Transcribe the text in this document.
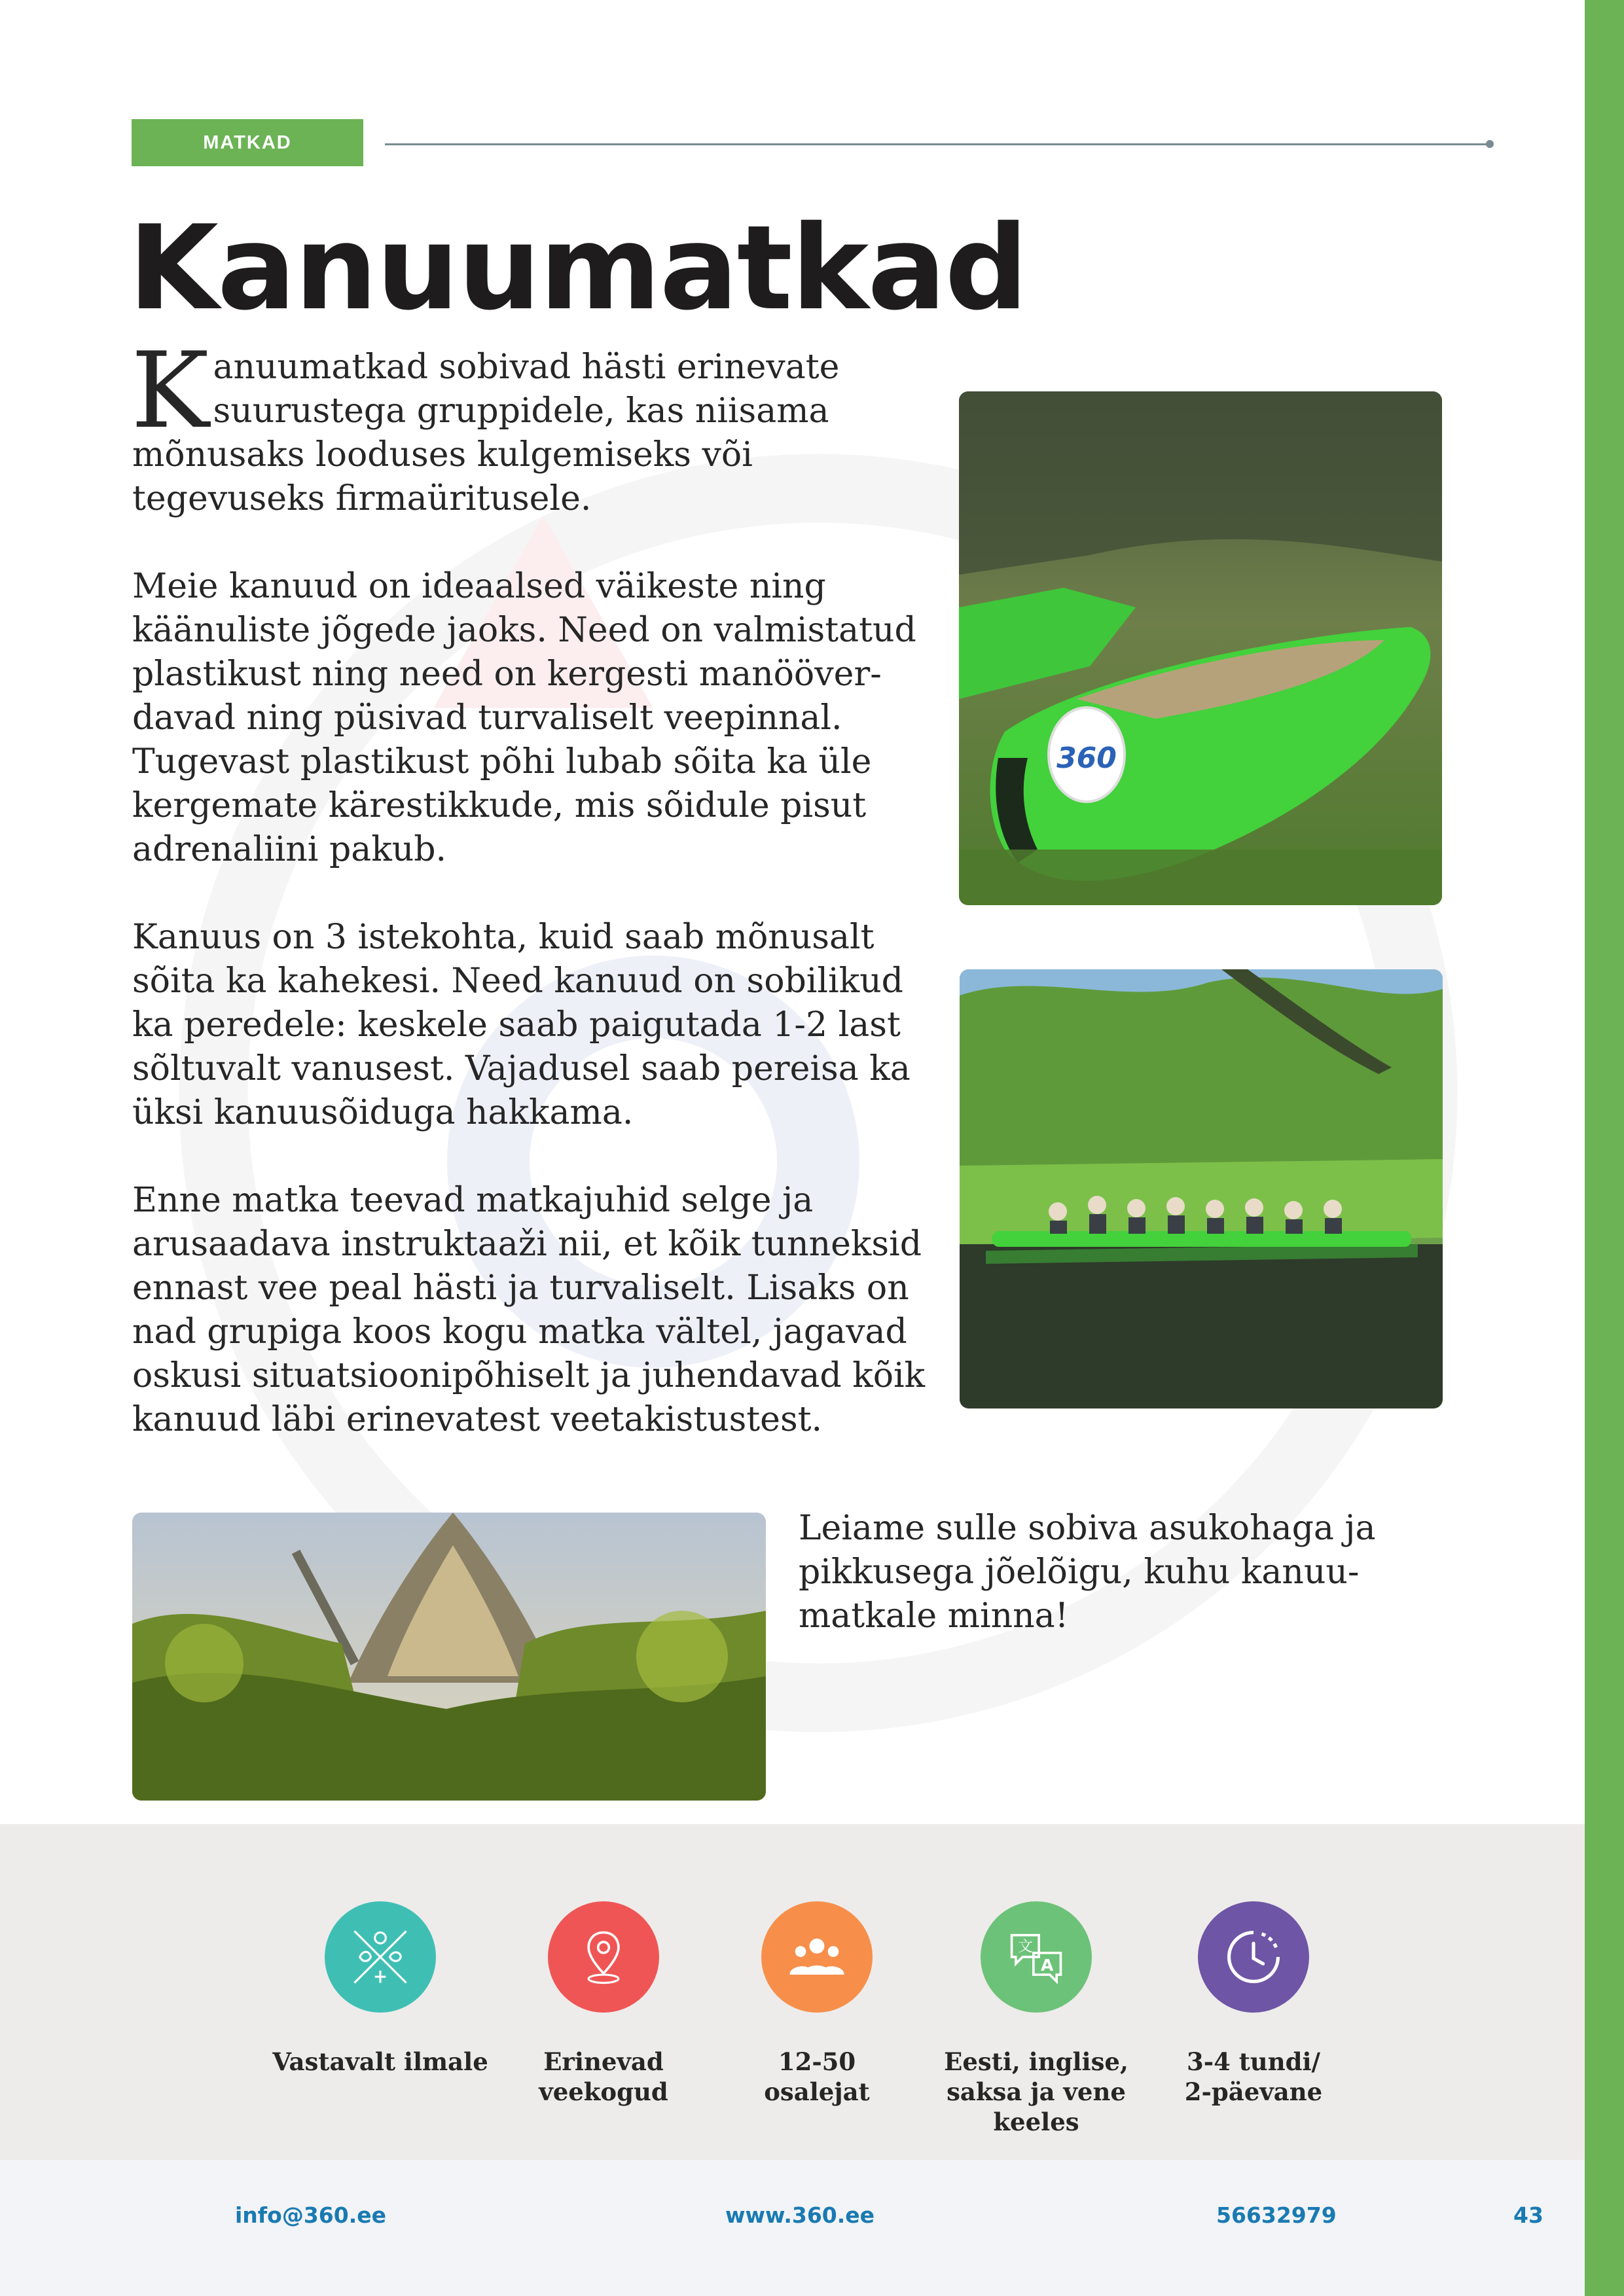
MATKAD
Kanuumatkad

Kanuumatkad sobivad hästi erinevate suurustega gruppidele, kas niisama mõnusaks looduses kulgemiseks või tegevuseks firmaüritusele.

Meie kanuud on ideaalsed väikeste ning käänuliste jõgede jaoks. Need on valmistatud plastikust ning need on kergesti manööverdavad ning püsivad turvaliselt veepinnal. Tugevast plastikust põhi lubab sõita ka üle kergemate kärestikkude, mis sõidule pisut adrenaliini pakub.

Kanuus on 3 istekohta, kuid saab mõnusalt sõita ka kahekesi. Need kanuud on sobilikud ka peredele: keskele saab paigutada 1-2 last sõltuvalt vanusest. Vajadusel saab pereisa ka üksi kanuusõiduga hakkama.

Enne matka teevad matkajuhid selge ja arusaadava instruktaaži nii, et kõik tunneksid ennast vee peal hästi ja turvaliselt. Lisaks on nad grupiga koos kogu matka vältel, jagavad oskusi situatsioonipõhiselt ja juhendavad kõik kanuud läbi erinevatest veetakistustest.

Leiame sulle sobiva asukohaga ja pikkusega jõelõigu, kuhu kanuumatkale minna!

360
Vastavalt ilmale	Erinevad
veekogud
12-50
osalejat
文
A
Eesti, inglise,
saksa ja vene
keeles
3-4 tundi/
2-päevane
info@360.ee	www.360.ee	56632979	43
